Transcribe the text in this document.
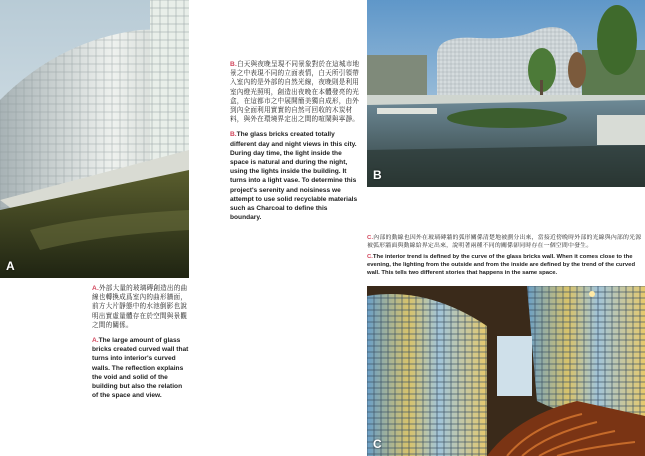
A
B
C

B.白天與夜晚呈現不同景象對於在這城市地景之中表現不同的立面表情，白天所引領帶入室內的是外部的自然光線，夜晚則是利用室內燈光照明，創造出夜晚在本體發亮的光盒，在這都市之中展開簡美獨自成形，由外到內全面利用實實的自然可回收的木炭材料，與外在環境界定出之間的喧鬧與寧靜。

B.The glass bricks created totally different day and night views in this city. During day time, the light inside the space is natural and during the night, using the lights inside the building. It turns into a light vase. To determine this project's serenity and noisiness we attempt to use solid recyclable materials such as Charcoal to define this boundary.

C.內部的動線也因外在玻璃磚牆的弧形關係清楚地被劃分出來，當接近傍晚時外部的光線與內部的光源被弧形牆面與動線給界定出來，說明著兩種不同的關係卻同時存在一個空間中發生。

C.The interior trend is defined by the curve of the glass bricks wall. When it comes close to the evening, the lighting from the outside and from the inside are defined by the trend of the curved wall. This tells two different stories that happens in the same space.

A.外部大量的玻璃磚創造出的曲線也轉換成爲室內的曲形牆面，前方大片靜態中的水池倒影也說明出實虛量體存在於空間與景觀之間的關係。

A.The large amount of glass bricks created curved wall that turns into interior's curved walls. The reflection explains the void and solid of the building but also the relation of the space and view.
